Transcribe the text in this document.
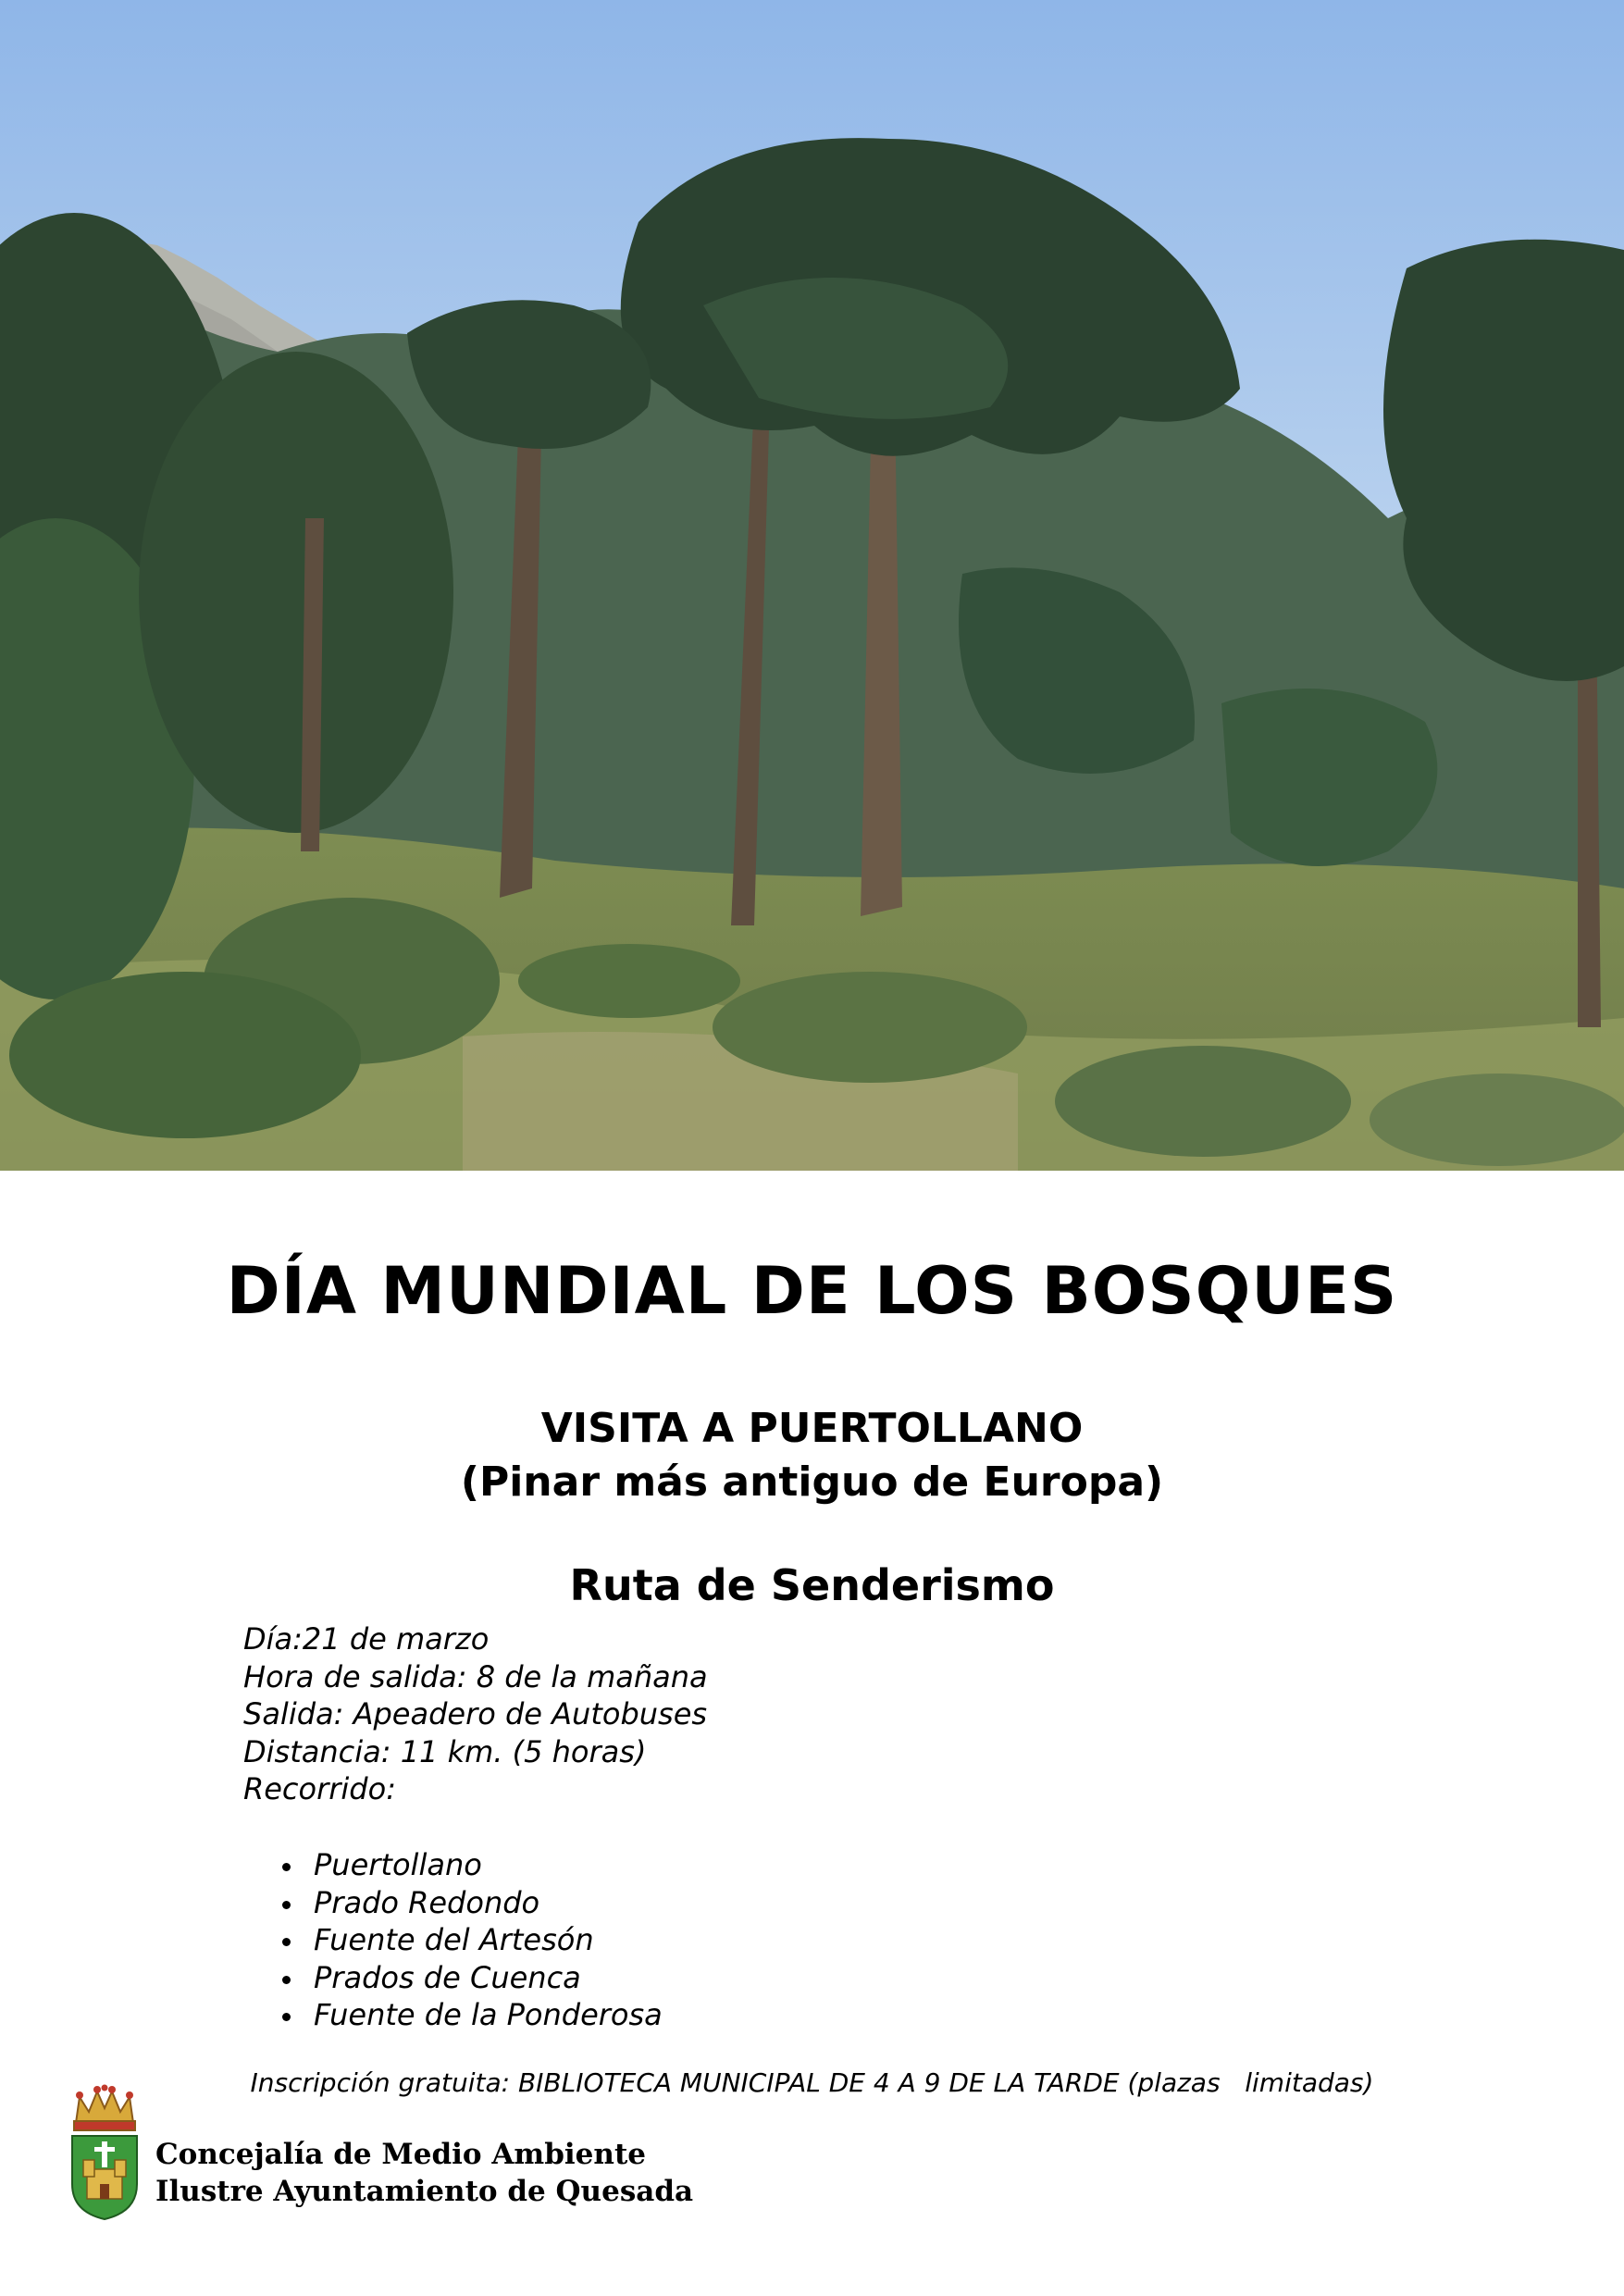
DÍA MUNDIAL DE LOS BOSQUES
VISITA A PUERTOLLANO
(Pinar más antiguo de Europa)
Ruta de Senderismo
Día:21 de marzo
Hora de salida: 8 de la mañana
Salida: Apeadero de Autobuses
Distancia: 11 km. (5 horas)
Recorrido:
Puertollano
Prado Redondo
Fuente del Artesón
Prados de Cuenca
Fuente de la Ponderosa
Inscripción gratuita: BIBLIOTECA MUNICIPAL DE 4 A 9 DE LA TARDE (plazas   limitadas)
Concejalía de Medio Ambiente
Ilustre Ayuntamiento de Quesada
